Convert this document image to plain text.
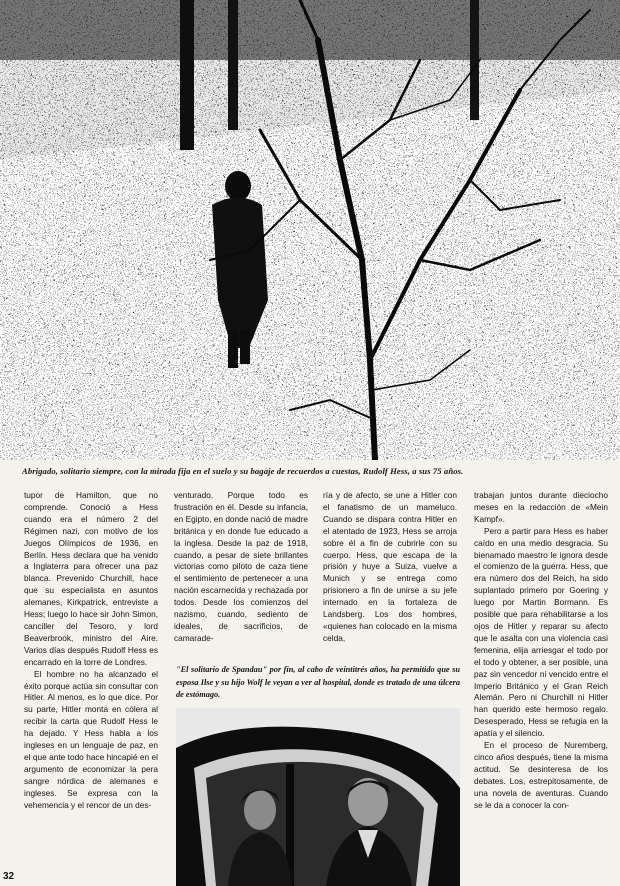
Abrigado, solitario siempre, con la mirada fija en el suelo y su bagaje de recuerdos a cuestas, Rudolf Hess, a sus 75 años.

tupor de Hamilton, que no comprende. Conoció a Hess cuando era el número 2 del Régimen nazi, con motivo de los Juegos Olímpicos de 1936, en Berlín. Hess declara que ha venido a Inglaterra para ofrecer una paz blanca. Prevenido Churchill, hace que su especialista en asuntos alemanes, Kirkpatrick, entreviste a Hess; luego lo hace sir John Simon, canciller del Tesoro, y lord Beaverbrook, ministro del Aire. Varios días después Rudolf Hess es encarrado en la torre de Londres.

El hombre no ha alcanzado el éxito porque actúa sin consultar con Hitler. Al menos, es lo que dice. Por su parte, Hitler monta en cólera al recibir la carta que Rudolf Hess le ha dejado. Y Hess habla a los ingleses en un lenguaje de paz, en el que ante todo hace hincapié en el argumento de economizar la pera sangre nórdica de alemanes e ingleses. Se expresa con la vehemencia y el rencor de un des-

venturado. Porque todo es frustración en él. Desde su infancia, en Egipto, en donde nació de madre británica y en donde fue educado a la inglesa. Desde la paz de 1918, cuando, a pesar de siete brillantes victorias como piloto de caza tiene el sentimiento de pertenecer a una nación escarnecida y rechazada por todos. Desde los comienzos del nazismo, cuando, sediento de ideales, de sacrificios, de camarade-

ría y de afecto, se une a Hitler con el fanatismo de un mameluco. Cuando se dispara contra Hitler en el atentado de 1923, Hess se arroja sobre él a fin de cubrirle con su cuerpo. Hess, que escapa de la prisión y huye a Suiza, vuelve a Munich y se entrega como prisionero a fin de unirse a su jefe internado en la fortaleza de Landsberg. Los dos hombres, «quienes han colocado en la misma celda,

trabajan juntos durante dieciocho meses en la redacción de «Mein Kampf».

Pero a partir para Hess es haber caído en una medio desgracia. Su bienamado maestro le ignora desde el comienzo de la guerra. Hess, que era número dos del Reich, ha sido suplantado primero por Goering y luego por Martin Bormann. Es posible que para rehabilitarse a los ojos de Hitler y reparar su afecto que le asalta con una violencia casi femenina, elija arriesgar el todo por el todo y obtener, a ser posible, una paz sin vencedor ni vencido entre el Imperio Británico y el Gran Reich Alemán. Pero ni Churchill ni Hitler han querido este hermoso regalo. Desesperado, Hess se refugia en la apatía y el silencio.

En el proceso de Nuremberg, cinco años después, tiene la misma actitud. Se desinteresa de los debates. Los, estrepitosamente, de una novela de aventuras. Cuando se le da a conocer la con-

"El solitario de Spandau" por fin, al cabo de veintitrés años, ha permitido que su esposa Ilse y su hijo Wolf le veyan a ver al hospital, donde es tratado de una úlcera de estómago.
32
